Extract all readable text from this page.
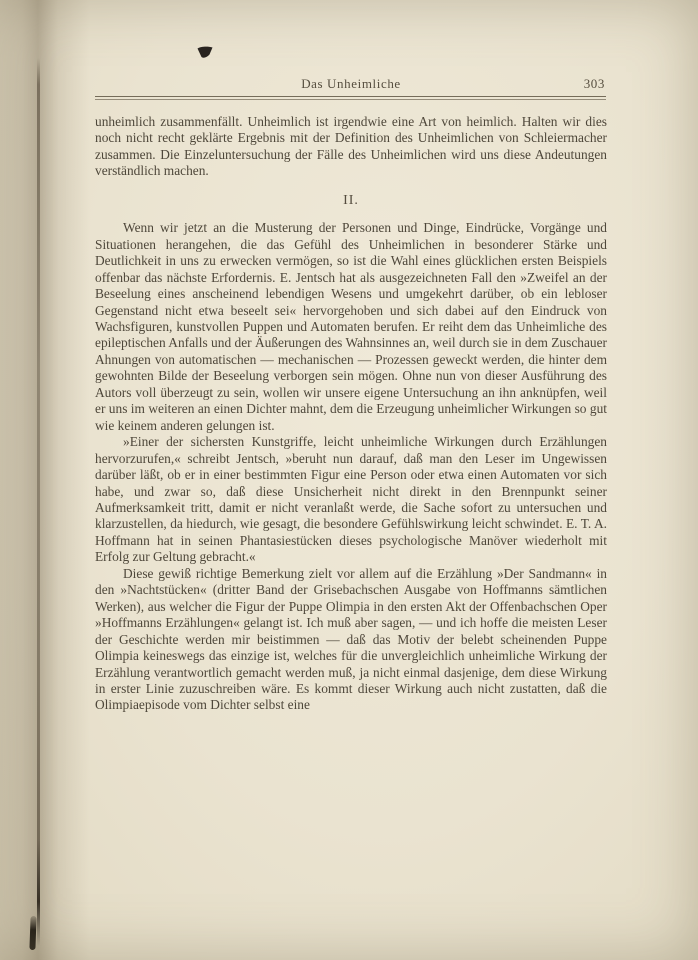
Das Unheimliche	303

unheimlich zusammenfällt. Unheimlich ist irgendwie eine Art von heimlich. Halten wir dies noch nicht recht geklärte Ergebnis mit der Definition des Unheimlichen von Schleiermacher zusammen. Die Einzeluntersuchung der Fälle des Unheimlichen wird uns diese Andeutungen verständlich machen.

II.

Wenn wir jetzt an die Musterung der Personen und Dinge, Eindrücke, Vorgänge und Situationen herangehen, die das Gefühl des Unheimlichen in besonderer Stärke und Deutlichkeit in uns zu erwecken vermögen, so ist die Wahl eines glücklichen ersten Beispiels offenbar das nächste Erfordernis. E. Jentsch hat als ausgezeichneten Fall den »Zweifel an der Beseelung eines anscheinend lebendigen Wesens und umgekehrt darüber, ob ein lebloser Gegenstand nicht etwa beseelt sei« hervorgehoben und sich dabei auf den Eindruck von Wachsfiguren, kunstvollen Puppen und Automaten berufen. Er reiht dem das Unheimliche des epileptischen Anfalls und der Äußerungen des Wahnsinnes an, weil durch sie in dem Zuschauer Ahnungen von automatischen — mechanischen — Prozessen geweckt werden, die hinter dem gewohnten Bilde der Beseelung verborgen sein mögen. Ohne nun von dieser Ausführung des Autors voll überzeugt zu sein, wollen wir unsere eigene Untersuchung an ihn anknüpfen, weil er uns im weiteren an einen Dichter mahnt, dem die Erzeugung unheimlicher Wirkungen so gut wie keinem anderen gelungen ist.

»Einer der sichersten Kunstgriffe, leicht unheimliche Wirkungen durch Erzählungen hervorzurufen,« schreibt Jentsch, »beruht nun darauf, daß man den Leser im Ungewissen darüber läßt, ob er in einer bestimmten Figur eine Person oder etwa einen Automaten vor sich habe, und zwar so, daß diese Unsicherheit nicht direkt in den Brennpunkt seiner Aufmerksamkeit tritt, damit er nicht veranlaßt werde, die Sache sofort zu untersuchen und klarzustellen, da hiedurch, wie gesagt, die besondere Gefühlswirkung leicht schwindet. E. T. A. Hoffmann hat in seinen Phantasiestücken dieses psychologische Manöver wiederholt mit Erfolg zur Geltung gebracht.«

Diese gewiß richtige Bemerkung zielt vor allem auf die Erzählung »Der Sandmann« in den »Nachtstücken« (dritter Band der Grisebachschen Ausgabe von Hoffmanns sämtlichen Werken), aus welcher die Figur der Puppe Olimpia in den ersten Akt der Offenbachschen Oper »Hoffmanns Erzählungen« gelangt ist. Ich muß aber sagen, — und ich hoffe die meisten Leser der Geschichte werden mir beistimmen — daß das Motiv der belebt scheinenden Puppe Olimpia keineswegs das einzige ist, welches für die unvergleichlich unheimliche Wirkung der Erzählung verantwortlich gemacht werden muß, ja nicht einmal dasjenige, dem diese Wirkung in erster Linie zuzuschreiben wäre. Es kommt dieser Wirkung auch nicht zustatten, daß die Olimpiaepisode vom Dichter selbst eine
